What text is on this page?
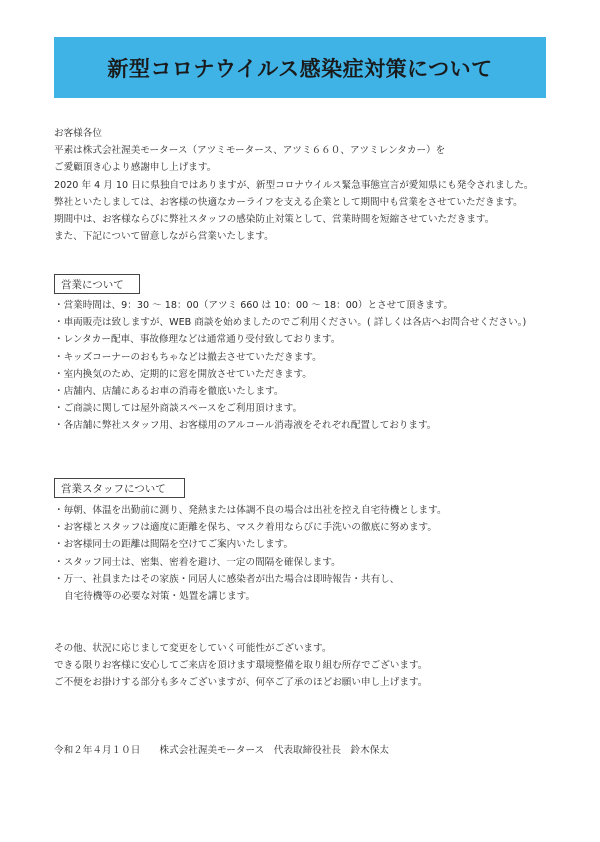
新型コロナウイルス感染症対策について

お客様各位

平素は株式会社渥美モータース（アツミモータース、アツミ６６０、アツミレンタカー）を

ご愛顧頂き心より感謝申し上げます。

2020 年 4 月 10 日に県独自ではありますが、新型コロナウイルス緊急事態宣言が愛知県にも発令されました。

弊社といたしましては、お客様の快適なカーライフを支える企業として期間中も営業をさせていただきます。

期間中は、お客様ならびに弊社スタッフの感染防止対策として、営業時間を短縮させていただきます。

また、下記について留意しながら営業いたします。

営業について

・営業時間は、9：30 ～ 18：00（アツミ 660 は 10：00 ～ 18：00）とさせて頂きます。

・車両販売は致しますが、WEB 商談を始めましたのでご利用ください。( 詳しくは各店へお問合せください。)

・レンタカー配車、事故修理などは通常通り受付致しております。

・キッズコーナーのおもちゃなどは撤去させていただきます。

・室内換気のため、定期的に窓を開放させていただきます。

・店舗内、店舗にあるお車の消毒を徹底いたします。

・ご商談に関しては屋外商談スペースをご利用頂けます。

・各店舗に弊社スタッフ用、お客様用のアルコール消毒液をそれぞれ配置しております。

営業スタッフについて

・毎朝、体温を出勤前に測り、発熱または体調不良の場合は出社を控え自宅待機とします。

・お客様とスタッフは適度に距離を保ち、マスク着用ならびに手洗いの徹底に努めます。

・お客様同士の距離は間隔を空けてご案内いたします。

・スタッフ同士は、密集、密着を避け、一定の間隔を確保します。

・万一、社員またはその家族・同居人に感染者が出た場合は即時報告・共有し、

自宅待機等の必要な対策・処置を講じます。

その他、状況に応じまして変更をしていく可能性がございます。

できる限りお客様に安心してご来店を頂けます環境整備を取り組む所存でございます。

ご不便をお掛けする部分も多々ございますが、何卒ご了承のほどお願い申し上げます。

令和２年４月１０日　　株式会社渥美モータース　代表取締役社長　鈴木保太
